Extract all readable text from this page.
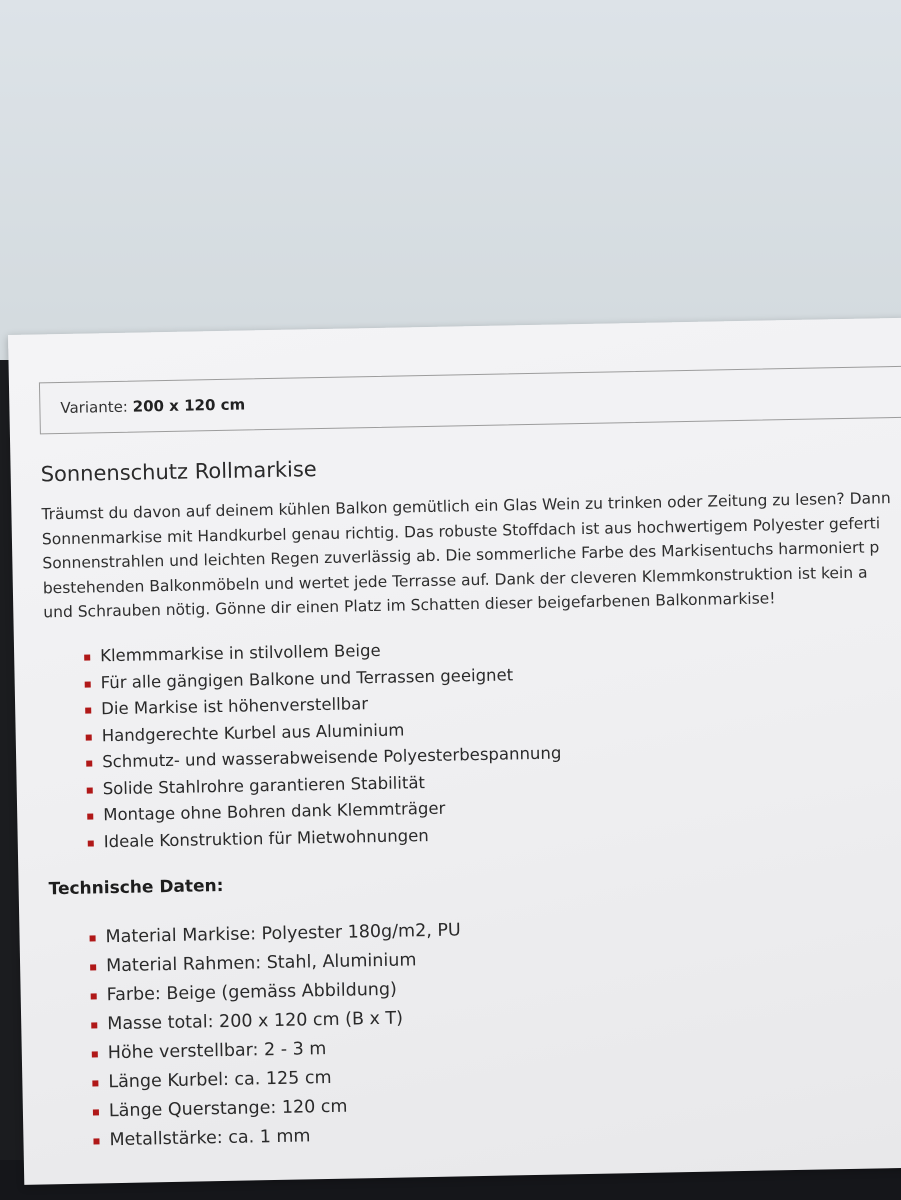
Variante: 200 x 120 cm
Sonnenschutz Rollmarkise
Träumst du davon auf deinem kühlen Balkon gemütlich ein Glas Wein zu trinken oder Zeitung zu lesen? Dann
Sonnenmarkise mit Handkurbel genau richtig. Das robuste Stoffdach ist aus hochwertigem Polyester geferti
Sonnenstrahlen und leichten Regen zuverlässig ab. Die sommerliche Farbe des Markisentuchs harmoniert p
bestehenden Balkonmöbeln und wertet jede Terrasse auf. Dank der cleveren Klemmkonstruktion ist kein a
und Schrauben nötig. Gönne dir einen Platz im Schatten dieser beigefarbenen Balkonmarkise!
Klemmmarkise in stilvollem Beige
Für alle gängigen Balkone und Terrassen geeignet
Die Markise ist höhenverstellbar
Handgerechte Kurbel aus Aluminium
Schmutz- und wasserabweisende Polyesterbespannung
Solide Stahlrohre garantieren Stabilität
Montage ohne Bohren dank Klemmträger
Ideale Konstruktion für Mietwohnungen
Technische Daten:
Material Markise: Polyester 180g/m2, PU
Material Rahmen: Stahl, Aluminium
Farbe: Beige (gemäss Abbildung)
Masse total: 200 x 120 cm (B x T)
Höhe verstellbar: 2 - 3 m
Länge Kurbel: ca. 125 cm
Länge Querstange: 120 cm
Metallstärke: ca. 1 mm
